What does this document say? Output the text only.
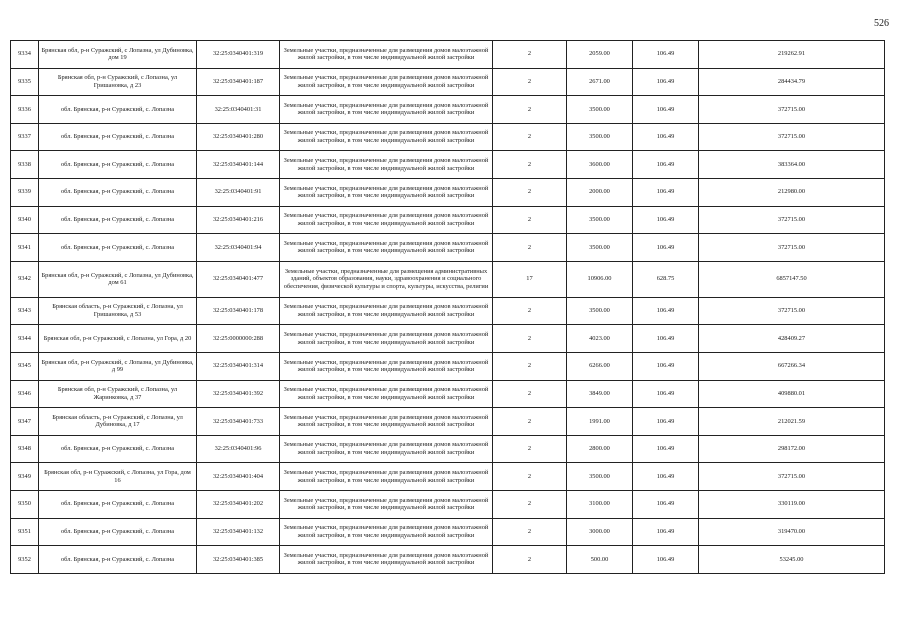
526
9334	Брянская обл, р-н Суражский, с Лопазна, ул Дубиновка, дом 19	32:25:0340401:319	Земельные участки, предназначенные для размещения домов малоэтажной жилой застройки, в том числе индивидуальной жилой застройки	2	2059.00	106.49	219262.91
9335	Брянская обл, р-н Суражский, с Лопазна, ул Гришановка, д 23	32:25:0340401:187	Земельные участки, предназначенные для размещения домов малоэтажной жилой застройки, в том числе индивидуальной жилой застройки	2	2671.00	106.49	284434.79
9336	обл. Брянская, р-н Суражский, с. Лопазна	32:25:0340401:31	Земельные участки, предназначенные для размещения домов малоэтажной жилой застройки, в том числе индивидуальной жилой застройки	2	3500.00	106.49	372715.00
9337	обл. Брянская, р-н Суражский, с. Лопазна	32:25:0340401:280	Земельные участки, предназначенные для размещения домов малоэтажной жилой застройки, в том числе индивидуальной жилой застройки	2	3500.00	106.49	372715.00
9338	обл. Брянская, р-н Суражский, с. Лопазна	32:25:0340401:144	Земельные участки, предназначенные для размещения домов малоэтажной жилой застройки, в том числе индивидуальной жилой застройки	2	3600.00	106.49	383364.00
9339	обл. Брянская, р-н Суражский, с. Лопазна	32:25:0340401:91	Земельные участки, предназначенные для размещения домов малоэтажной жилой застройки, в том числе индивидуальной жилой застройки	2	2000.00	106.49	212980.00
9340	обл. Брянская, р-н Суражский, с. Лопазна	32:25:0340401:216	Земельные участки, предназначенные для размещения домов малоэтажной жилой застройки, в том числе индивидуальной жилой застройки	2	3500.00	106.49	372715.00
9341	обл. Брянская, р-н Суражский, с. Лопазна	32:25:0340401:94	Земельные участки, предназначенные для размещения домов малоэтажной жилой застройки, в том числе индивидуальной жилой застройки	2	3500.00	106.49	372715.00
9342	Брянская обл, р-н Суражский, с Лопазна, ул Дубиновка, дом 61	32:25:0340401:477	Земельные участки, предназначенные для размещения административных зданий, объектов образования, науки, здравоохранения и социального обеспечения, физической культуры и спорта, культуры, искусства, религии	17	10906.00	628.75	6857147.50
9343	Брянская область, р-н Суражский, с Лопазна, ул Гришановка, д 53	32:25:0340401:178	Земельные участки, предназначенные для размещения домов малоэтажной жилой застройки, в том числе индивидуальной жилой застройки	2	3500.00	106.49	372715.00
9344	Брянская обл, р-н Суражский, с Лопазна, ул Гора, д 20	32:25:0000000:288	Земельные участки, предназначенные для размещения домов малоэтажной жилой застройки, в том числе индивидуальной жилой застройки	2	4023.00	106.49	428409.27
9345	Брянская обл, р-н Суражский, с Лопазна, ул Дубиновка, д 99	32:25:0340401:314	Земельные участки, предназначенные для размещения домов малоэтажной жилой застройки, в том числе индивидуальной жилой застройки	2	6266.00	106.49	667266.34
9346	Брянская обл, р-н Суражский, с Лопазна, ул Жаринковка, д 37	32:25:0340401:392	Земельные участки, предназначенные для размещения домов малоэтажной жилой застройки, в том числе индивидуальной жилой застройки	2	3849.00	106.49	409880.01
9347	Брянская область, р-н Суражский, с Лопазна, ул Дубиновка, д 17	32:25:0340401:733	Земельные участки, предназначенные для размещения домов малоэтажной жилой застройки, в том числе индивидуальной жилой застройки	2	1991.00	106.49	212021.59
9348	обл. Брянская, р-н Суражский, с. Лопазна	32:25:0340401:96	Земельные участки, предназначенные для размещения домов малоэтажной жилой застройки, в том числе индивидуальной жилой застройки	2	2800.00	106.49	298172.00
9349	Брянская обл, р-н Суражский, с Лопазна, ул Гора, дом 16	32:25:0340401:404	Земельные участки, предназначенные для размещения домов малоэтажной жилой застройки, в том числе индивидуальной жилой застройки	2	3500.00	106.49	372715.00
9350	обл. Брянская, р-н Суражский, с. Лопазна	32:25:0340401:202	Земельные участки, предназначенные для размещения домов малоэтажной жилой застройки, в том числе индивидуальной жилой застройки	2	3100.00	106.49	330119.00
9351	обл. Брянская, р-н Суражский, с. Лопазна	32:25:0340401:132	Земельные участки, предназначенные для размещения домов малоэтажной жилой застройки, в том числе индивидуальной жилой застройки	2	3000.00	106.49	319470.00
9352	обл. Брянская, р-н Суражский, с. Лопазна	32:25:0340401:385	Земельные участки, предназначенные для размещения домов малоэтажной жилой застройки, в том числе индивидуальной жилой застройки	2	500.00	106.49	53245.00
